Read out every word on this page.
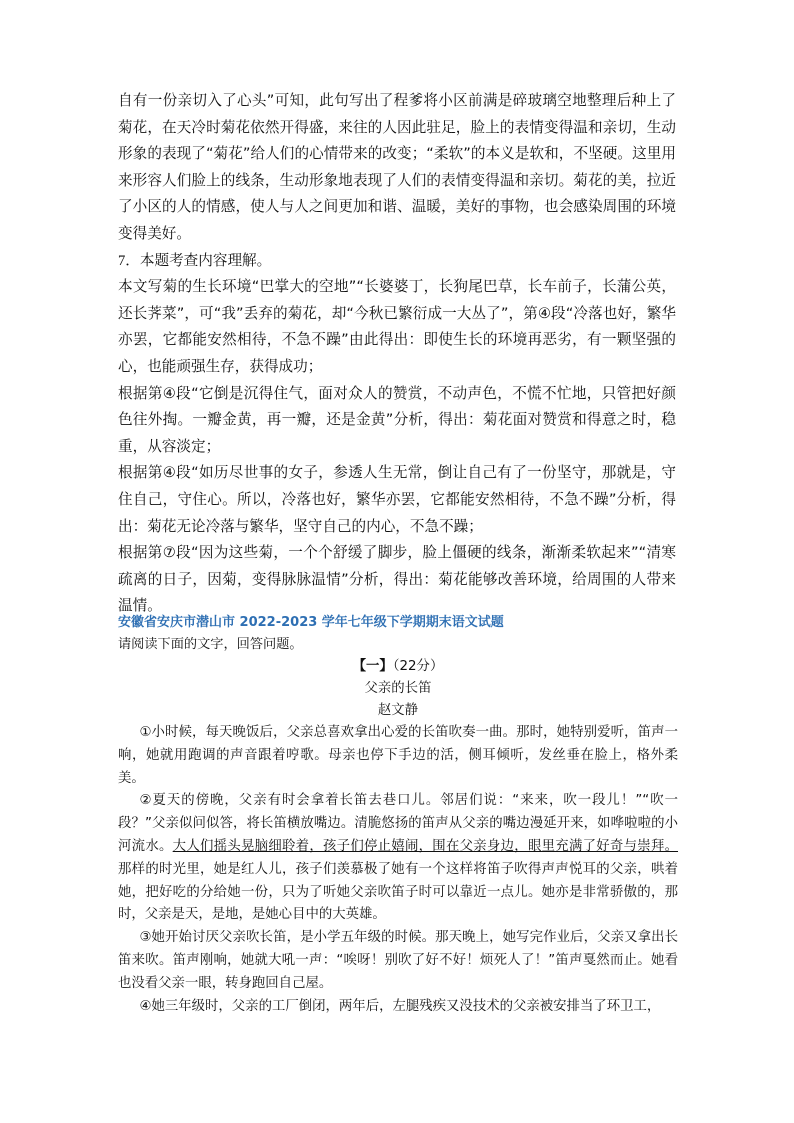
自有一份亲切入了心头”可知，此句写出了程爹将小区前满是碎玻璃空地整理后种上了菊花，在天冷时菊花依然开得盛，来往的人因此驻足，脸上的表情变得温和亲切，生动形象的表现了“菊花”给人们的心情带来的改变；“柔软”的本义是软和，不坚硬。这里用来形容人们脸上的线条，生动形象地表现了人们的表情变得温和亲切。菊花的美，拉近了小区的人的情感，使人与人之间更加和谐、温暖，美好的事物，也会感染周围的环境变得美好。

7．本题考查内容理解。

本文写菊的生长环境“巴掌大的空地”“长婆婆丁，长狗尾巴草，长车前子，长蒲公英，还长荠菜”，可“我”丢弃的菊花，却“今秋已繁衍成一大丛了”，第④段“冷落也好，繁华亦罢，它都能安然相待，不急不躁”由此得出：即使生长的环境再恶劣，有一颗坚强的心，也能顽强生存，获得成功；

根据第④段“它倒是沉得住气，面对众人的赞赏，不动声色，不慌不忙地，只管把好颜色往外掏。一瓣金黄，再一瓣，还是金黄”分析，得出：菊花面对赞赏和得意之时，稳重，从容淡定；

根据第④段“如历尽世事的女子，参透人生无常，倒让自己有了一份坚守，那就是，守住自己，守住心。所以，冷落也好，繁华亦罢，它都能安然相待，不急不躁”分析，得出：菊花无论冷落与繁华，坚守自己的内心，不急不躁；

根据第⑦段“因为这些菊，一个个舒缓了脚步，脸上僵硬的线条，渐渐柔软起来”“清寒疏离的日子，因菊，变得脉脉温情”分析，得出：菊花能够改善环境，给周围的人带来温情。

安徽省安庆市潜山市 2022-2023 学年七年级下学期期末语文试题

请阅读下面的文字，回答问题。

【一】（22分）

父亲的长笛

赵文静

①小时候，每天晚饭后，父亲总喜欢拿出心爱的长笛吹奏一曲。那时，她特别爱听，笛声一响，她就用跑调的声音跟着哼歌。母亲也停下手边的活，侧耳倾听，发丝垂在脸上，格外柔美。

②夏天的傍晚，父亲有时会拿着长笛去巷口儿。邻居们说：“来来，吹一段儿！”“吹一段？”父亲似问似答，将长笛横放嘴边。清脆悠扬的笛声从父亲的嘴边漫延开来，如哗啦啦的小河流水。大人们摇头晃脑细聆着，孩子们停止嬉闹，围在父亲身边，眼里充满了好奇与崇拜。那样的时光里，她是红人儿，孩子们羡慕极了她有一个这样将笛子吹得声声悦耳的父亲，哄着她，把好吃的分给她一份，只为了听她父亲吹笛子时可以靠近一点儿。她亦是非常骄傲的，那时，父亲是天，是地，是她心目中的大英雄。

③她开始讨厌父亲吹长笛，是小学五年级的时候。那天晚上，她写完作业后，父亲又拿出长笛来吹。笛声刚响，她就大吼一声：“唉呀！别吹了好不好！烦死人了！”笛声戛然而止。她看也没看父亲一眼，转身跑回自己屋。

④她三年级时，父亲的工厂倒闭，两年后，左腿残疾又没技术的父亲被安排当了环卫工，
